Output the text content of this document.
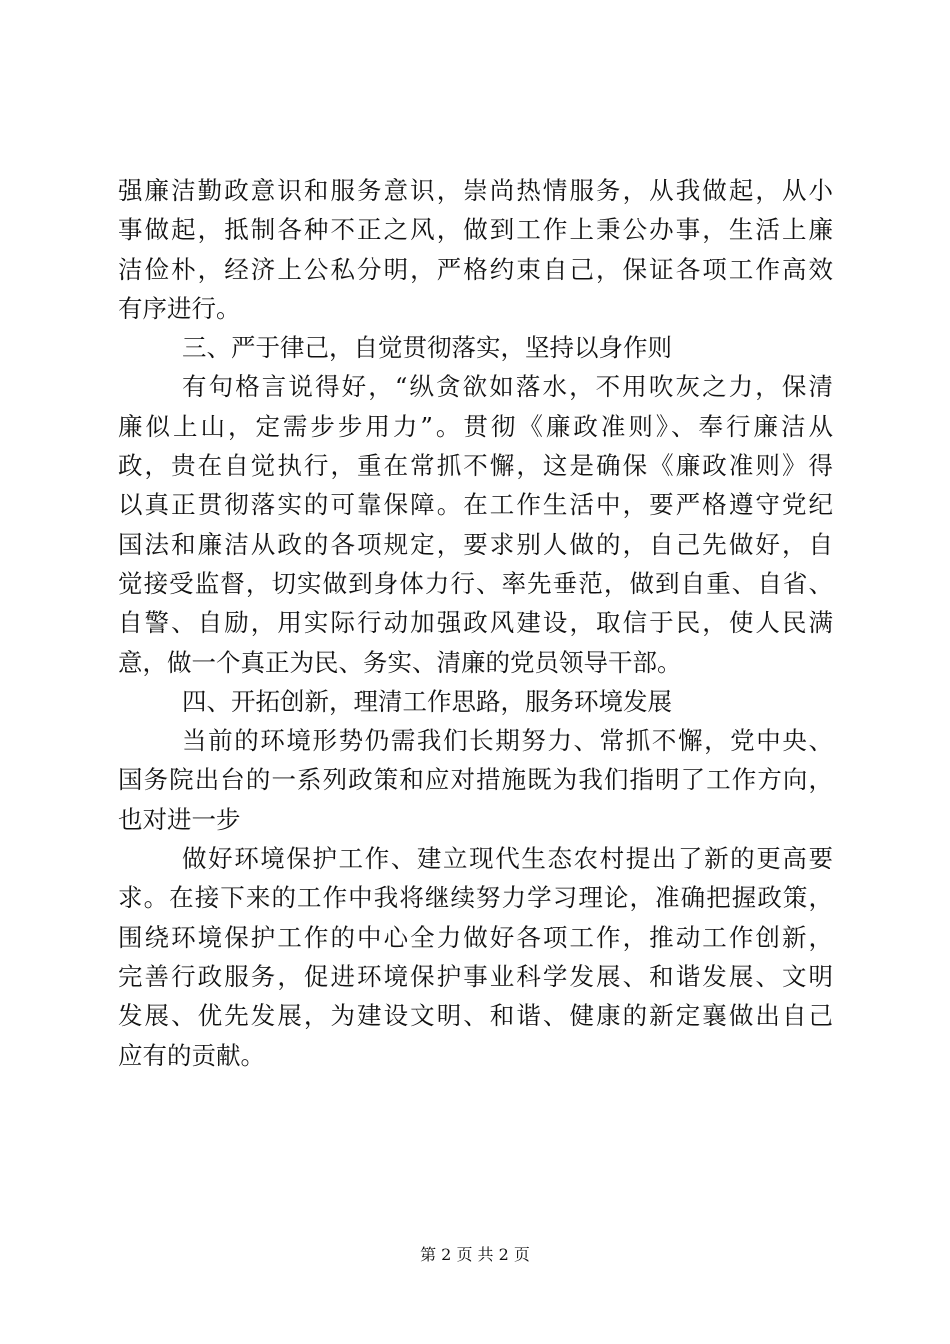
强廉洁勤政意识和服务意识，崇尚热情服务，从我做起，从小
事做起，抵制各种不正之风，做到工作上秉公办事，生活上廉
洁俭朴，经济上公私分明，严格约束自己，保证各项工作高效
有序进行。
三、严于律己，自觉贯彻落实，坚持以身作则
有句格言说得好，“纵贪欲如落水，不用吹灰之力，保清
廉似上山，定需步步用力”。贯彻《廉政准则》、奉行廉洁从
政，贵在自觉执行，重在常抓不懈，这是确保《廉政准则》得
以真正贯彻落实的可靠保障。在工作生活中，要严格遵守党纪
国法和廉洁从政的各项规定，要求别人做的，自己先做好，自
觉接受监督，切实做到身体力行、率先垂范，做到自重、自省、
自警、自励，用实际行动加强政风建设，取信于民，使人民满
意，做一个真正为民、务实、清廉的党员领导干部。
四、开拓创新，理清工作思路，服务环境发展
当前的环境形势仍需我们长期努力、常抓不懈，党中央、
国务院出台的一系列政策和应对措施既为我们指明了工作方向，
也对进一步
做好环境保护工作、建立现代生态农村提出了新的更高要
求。在接下来的工作中我将继续努力学习理论，准确把握政策，
围绕环境保护工作的中心全力做好各项工作，推动工作创新，
完善行政服务，促进环境保护事业科学发展、和谐发展、文明
发展、优先发展，为建设文明、和谐、健康的新定襄做出自己
应有的贡献。
第 2 页 共 2 页
